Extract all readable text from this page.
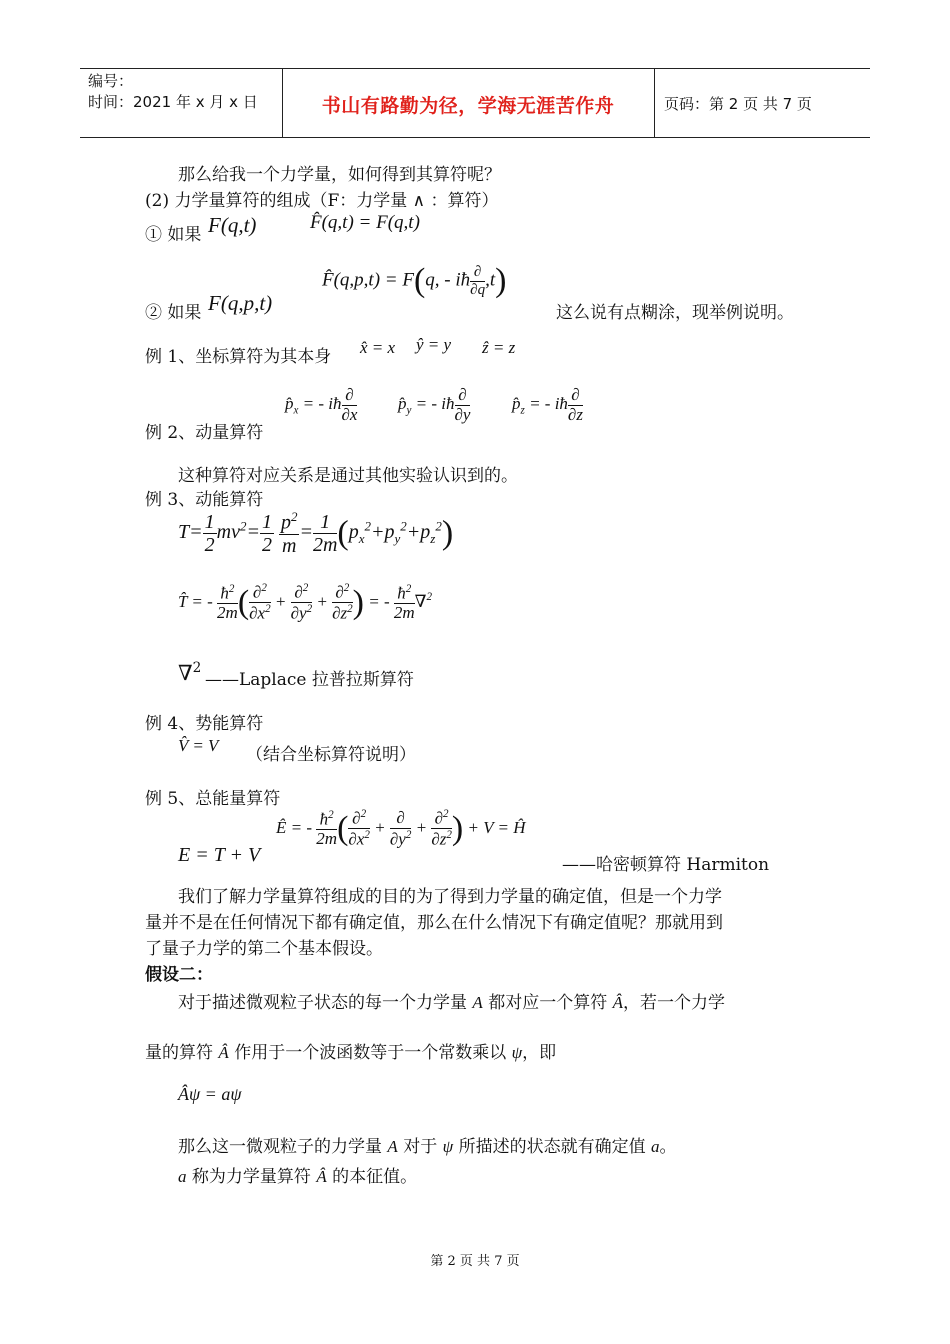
编号：
时间：2021 年 x 月 x 日	书山有路勤为径，学海无涯苦作舟	页码：第 2 页 共 7 页
那么给我一个力学量，如何得到其算符呢？
(2) 力学量算符的组成（F：力学量 ∧ ：算符）
① 如果 F(q,t)	F̂(q,t) = F(q,t)
F̂(q,p,t) = F(q, - iħ $\frac{\partial}{\partial q} ,t$)
② 如果 F(q,p,t)	这么说有点糊涂，现举例说明。
例 1、坐标算符为其本身 x̂ = x ŷ = y ẑ = z
$p̂_x$ = - iħ $\frac{\partial}{\partial x}$ $p̂_y$ = - iħ $\frac{\partial}{\partial y}$ $p̂_z$ = - iħ $\frac{\partial}{\partial z}$
例 2、动量算符
这种算符对应关系是通过其他实验认识到的。
例 3、动能算符
$T= \frac{1}{2} mv^2= \frac{1}{2}$
$\frac{p^2}{m} = \frac{1}{2m} (p_x^2+p_y^2+p_z^2)$
T̂ = - $\frac{ħ^2}{2m}$ ( $\frac{\partial^2}{\partial x^2} + \frac{\partial^2}{\partial y^2} + \frac{\partial^2}{\partial z^2}$ ) = - $\frac{ħ^2}{2m} \nabla^2$
∇$^2$
——Laplace 拉普拉斯算符
例 4、势能算符
V̂ = V （结合坐标算符说明）
例 5、总能量算符
Ê = - $\frac{ħ^2}{2m}$ ( $\frac{\partial^2}{\partial x^2} + \frac{\partial}{\partial y^2} + \frac{\partial^2}{\partial z^2}$ ) + V = Ĥ
E = T + V	——哈密顿算符 Harmiton
我们了解力学量算符组成的目的为了得到力学量的确定值，但是一个力学
量并不是在任何情况下都有确定值，那么在什么情况下有确定值呢？那就用到
了量子力学的第二个基本假设。
假设二：
对于描述微观粒子状态的每一个力学量 A 都对应一个算符 Â，若一个力学
量的算符 Â 作用于一个波函数等于一个常数乘以 ψ，即
Âψ = aψ
那么这一微观粒子的力学量 A 对于 ψ 所描述的状态就有确定值 a。
a 称为力学量算符 Â 的本征值。
第 2 页 共 7 页
